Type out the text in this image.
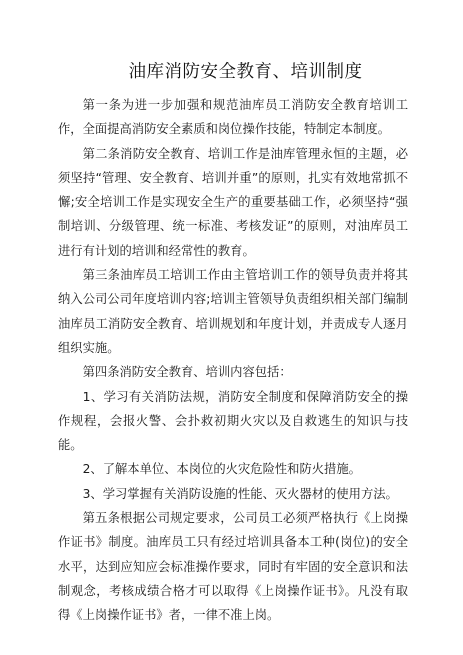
油库消防安全教育、培训制度

第一条为进一步加强和规范油库员工消防安全教育培训工作，全面提高消防安全素质和岗位操作技能，特制定本制度。

第二条消防安全教育、培训工作是油库管理永恒的主题，必须坚持“管理、安全教育、培训并重”的原则，扎实有效地常抓不懈;安全培训工作是实现安全生产的重要基础工作，必须坚持“强制培训、分级管理、统一标准、考核发证”的原则，对油库员工进行有计划的培训和经常性的教育。

第三条油库员工培训工作由主管培训工作的领导负责并将其纳入公司公司年度培训内容;培训主管领导负责组织相关部门编制油库员工消防安全教育、培训规划和年度计划，并责成专人逐月组织实施。

第四条消防安全教育、培训内容包括：

1、学习有关消防法规，消防安全制度和保障消防安全的操作规程，会报火警、会扑救初期火灾以及自救逃生的知识与技能。

2、了解本单位、本岗位的火灾危险性和防火措施。

3、学习掌握有关消防设施的性能、灭火器材的使用方法。

第五条根据公司规定要求，公司员工必须严格执行《上岗操作证书》制度。油库员工只有经过培训具备本工种(岗位)的安全水平，达到应知应会标准操作要求，同时有牢固的安全意识和法制观念，考核成绩合格才可以取得《上岗操作证书》。凡没有取得《上岗操作证书》者，一律不准上岗。
